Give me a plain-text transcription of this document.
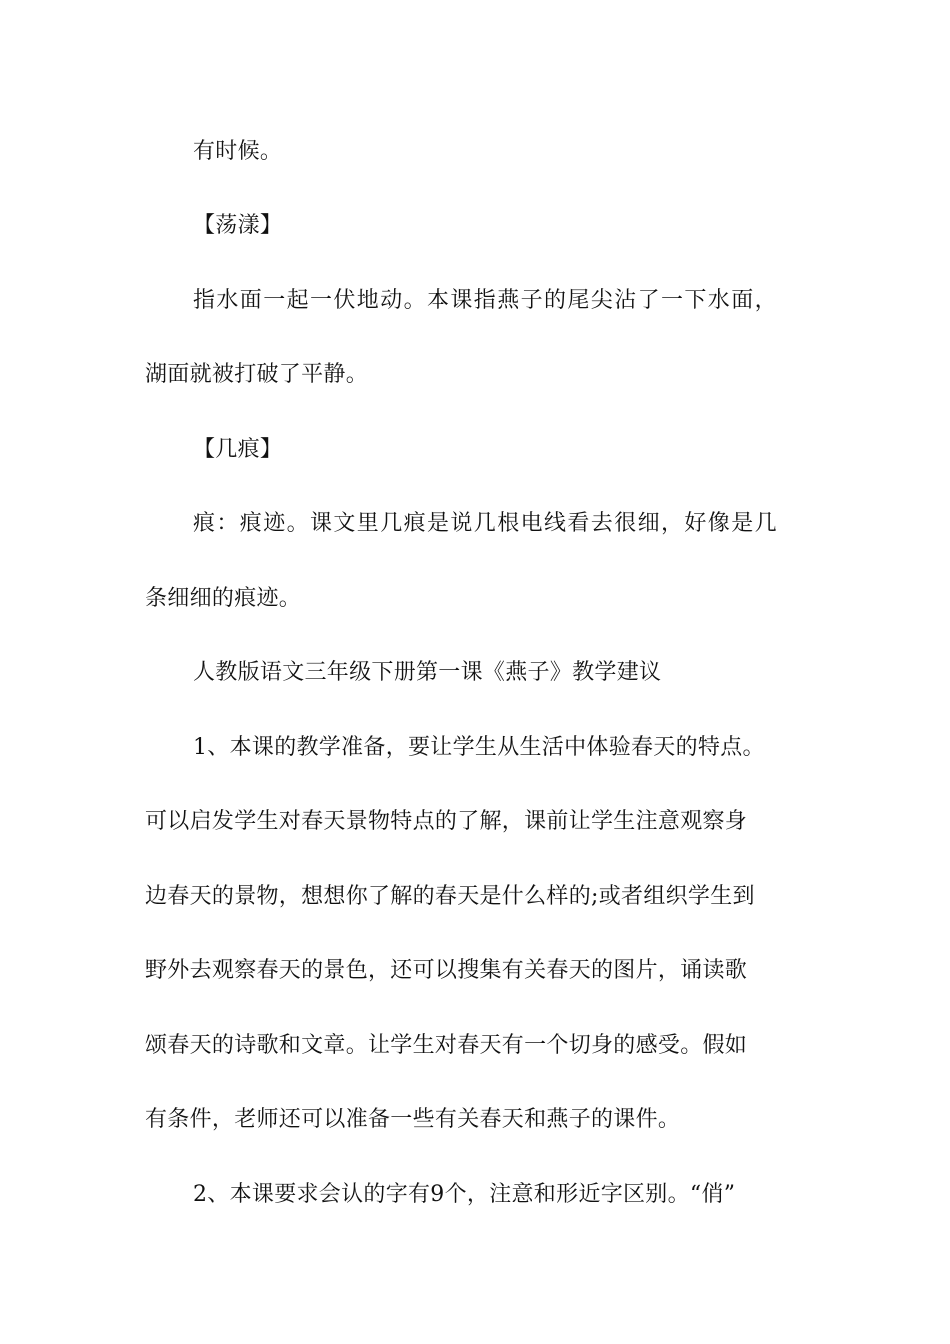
有时候。
【荡漾】
指水面一起一伏地动。本课指燕子的尾尖沾了一下水面，
湖面就被打破了平静。
【几痕】
痕：痕迹。课文里几痕是说几根电线看去很细，好像是几
条细细的痕迹。
人教版语文三年级下册第一课《燕子》教学建议
1、本课的教学准备，要让学生从生活中体验春天的特点。
可以启发学生对春天景物特点的了解，课前让学生注意观察身
边春天的景物，想想你了解的春天是什么样的;或者组织学生到
野外去观察春天的景色，还可以搜集有关春天的图片，诵读歌
颂春天的诗歌和文章。让学生对春天有一个切身的感受。假如
有条件，老师还可以准备一些有关春天和燕子的课件。
2、本课要求会认的字有9个，注意和形近字区别。“俏”
